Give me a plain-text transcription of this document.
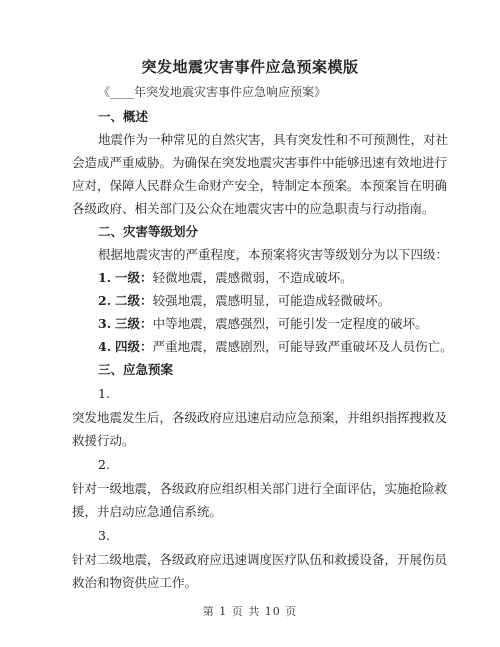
突发地震灾害事件应急预案模版
《____年突发地震灾害事件应急响应预案》
一、概述
地震作为一种常见的自然灾害，具有突发性和不可预测性，对社
会造成严重威胁。为确保在突发地震灾害事件中能够迅速有效地进行
应对，保障人民群众生命财产安全，特制定本预案。本预案旨在明确
各级政府、相关部门及公众在地震灾害中的应急职责与行动指南。
二、灾害等级划分
根据地震灾害的严重程度，本预案将灾害等级划分为以下四级：
1. 一级：轻微地震，震感微弱，不造成破坏。
2. 二级：较强地震，震感明显，可能造成轻微破坏。
3. 三级：中等地震，震感强烈，可能引发一定程度的破坏。
4. 四级：严重地震，震感剧烈，可能导致严重破坏及人员伤亡。
三、应急预案
1.
突发地震发生后，各级政府应迅速启动应急预案，并组织指挥搜救及
救援行动。
2.
针对一级地震，各级政府应组织相关部门进行全面评估，实施抢险救
援，并启动应急通信系统。
3.
针对二级地震，各级政府应迅速调度医疗队伍和救援设备，开展伤员
救治和物资供应工作。
第 1 页 共 10 页
